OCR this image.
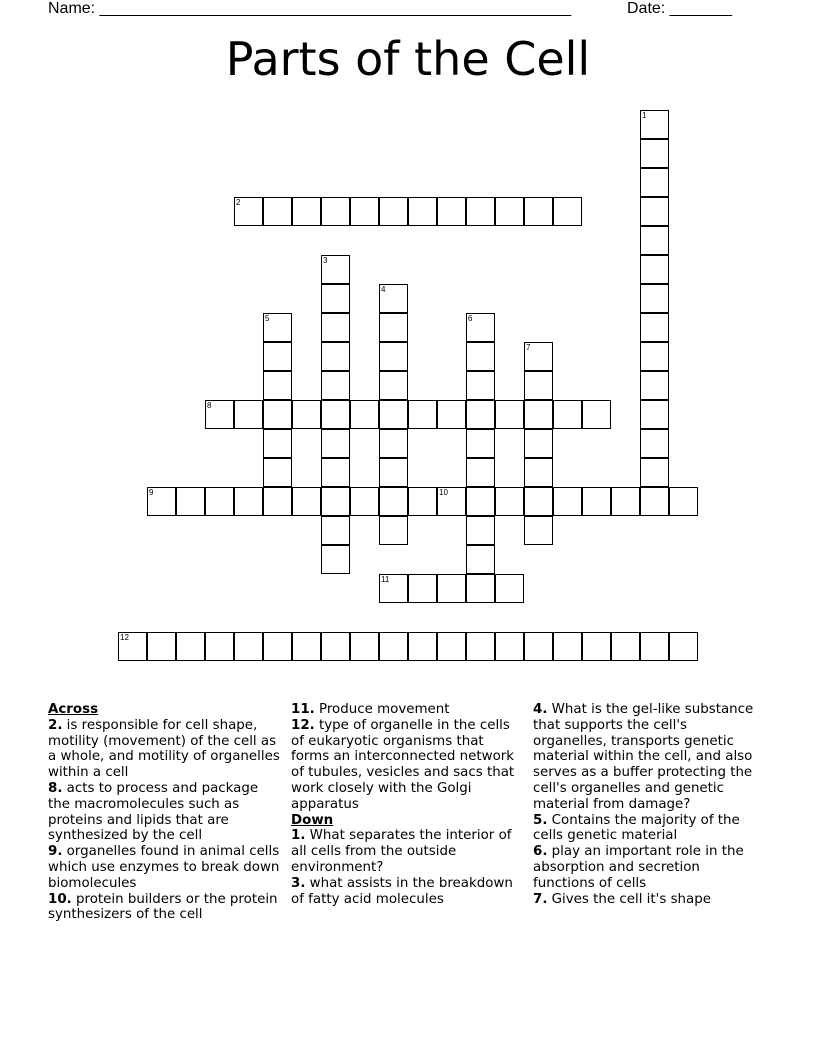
Name: _____________________________________________________	Date: _______
Parts of the Cell
1
2
3
4
5	6
7
8
9	10
11
12
Across

2. is responsible for cell shape, motility (movement) of the cell as a whole, and motility of organelles within a cell

8. acts to process and package the macromolecules such as proteins and lipids that are synthesized by the cell

9. organelles found in animal cells which use enzymes to break down biomolecules

10. protein builders or the protein synthesizers of the cell

11. Produce movement

12. type of organelle in the cells of eukaryotic organisms that forms an interconnected network of tubules, vesicles and sacs that work closely with the Golgi apparatus

Down

1. What separates the interior of all cells from the outside environment?

3. what assists in the breakdown of fatty acid molecules

4. What is the gel-like substance that supports the cell's organelles, transports genetic material within the cell, and also serves as a buffer protecting the cell's organelles and genetic material from damage?

5. Contains the majority of the cells genetic material

6. play an important role in the absorption and secretion functions of cells

7. Gives the cell it's shape
